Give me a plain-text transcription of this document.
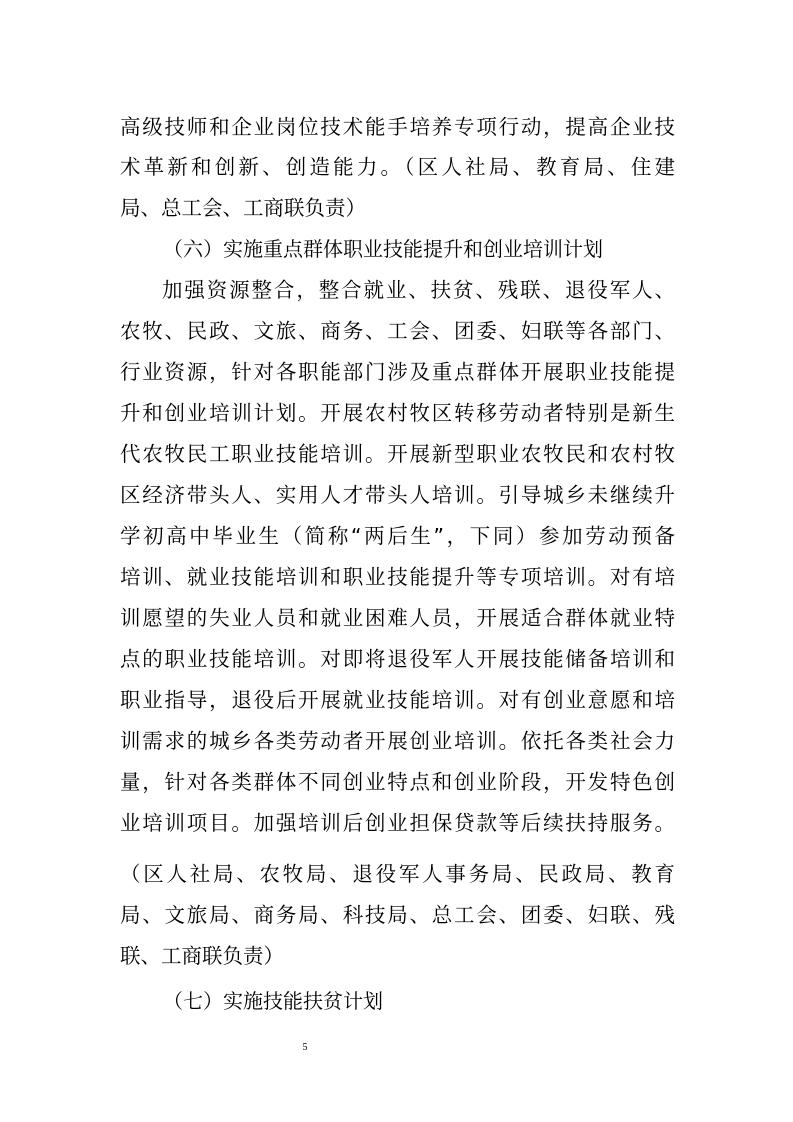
高级技师和企业岗位技术能手培养专项行动，提高企业技
术革新和创新、创造能力。（区人社局、教育局、住建
局、总工会、工商联负责）
（六）实施重点群体职业技能提升和创业培训计划
加强资源整合，整合就业、扶贫、残联、退役军人、
农牧、民政、文旅、商务、工会、团委、妇联等各部门、
行业资源，针对各职能部门涉及重点群体开展职业技能提
升和创业培训计划。开展农村牧区转移劳动者特别是新生
代农牧民工职业技能培训。开展新型职业农牧民和农村牧
区经济带头人、实用人才带头人培训。引导城乡未继续升
学初高中毕业生（简称“两后生”，下同）参加劳动预备
培训、就业技能培训和职业技能提升等专项培训。对有培
训愿望的失业人员和就业困难人员，开展适合群体就业特
点的职业技能培训。对即将退役军人开展技能储备培训和
职业指导，退役后开展就业技能培训。对有创业意愿和培
训需求的城乡各类劳动者开展创业培训。依托各类社会力
量，针对各类群体不同创业特点和创业阶段，开发特色创
业培训项目。加强培训后创业担保贷款等后续扶持服务。
（区人社局、农牧局、退役军人事务局、民政局、教育
局、文旅局、商务局、科技局、总工会、团委、妇联、残
联、工商联负责）
（七）实施技能扶贫计划
5
